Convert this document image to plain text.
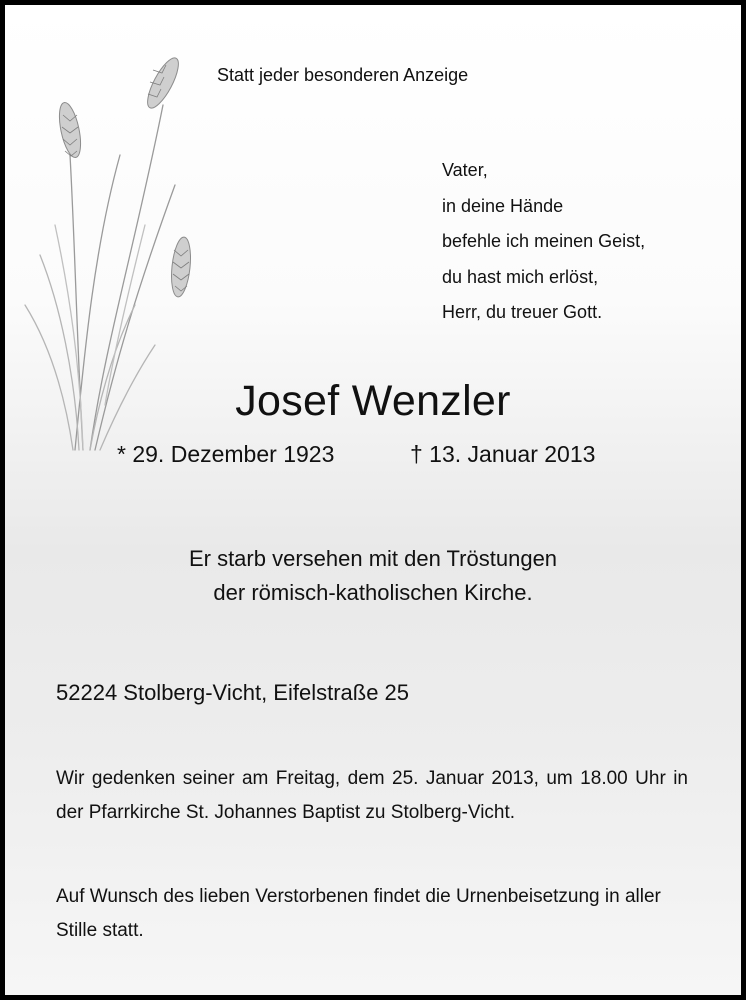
Statt jeder besonderen Anzeige

Vater,
in deine Hände
befehle ich meinen Geist,
du hast mich erlöst,
Herr, du treuer Gott.

Josef Wenzler

* 29. Dezember 1923	† 13. Januar 2013

Er starb versehen mit den Tröstungen
der römisch-katholischen Kirche.

52224 Stolberg-Vicht, Eifelstraße 25

Wir gedenken seiner am Freitag, dem 25. Januar 2013, um 18.00 Uhr in der Pfarrkirche St. Johannes Baptist zu Stolberg-Vicht.

Auf Wunsch des lieben Verstorbenen findet die Urnenbeisetzung in aller Stille statt.
